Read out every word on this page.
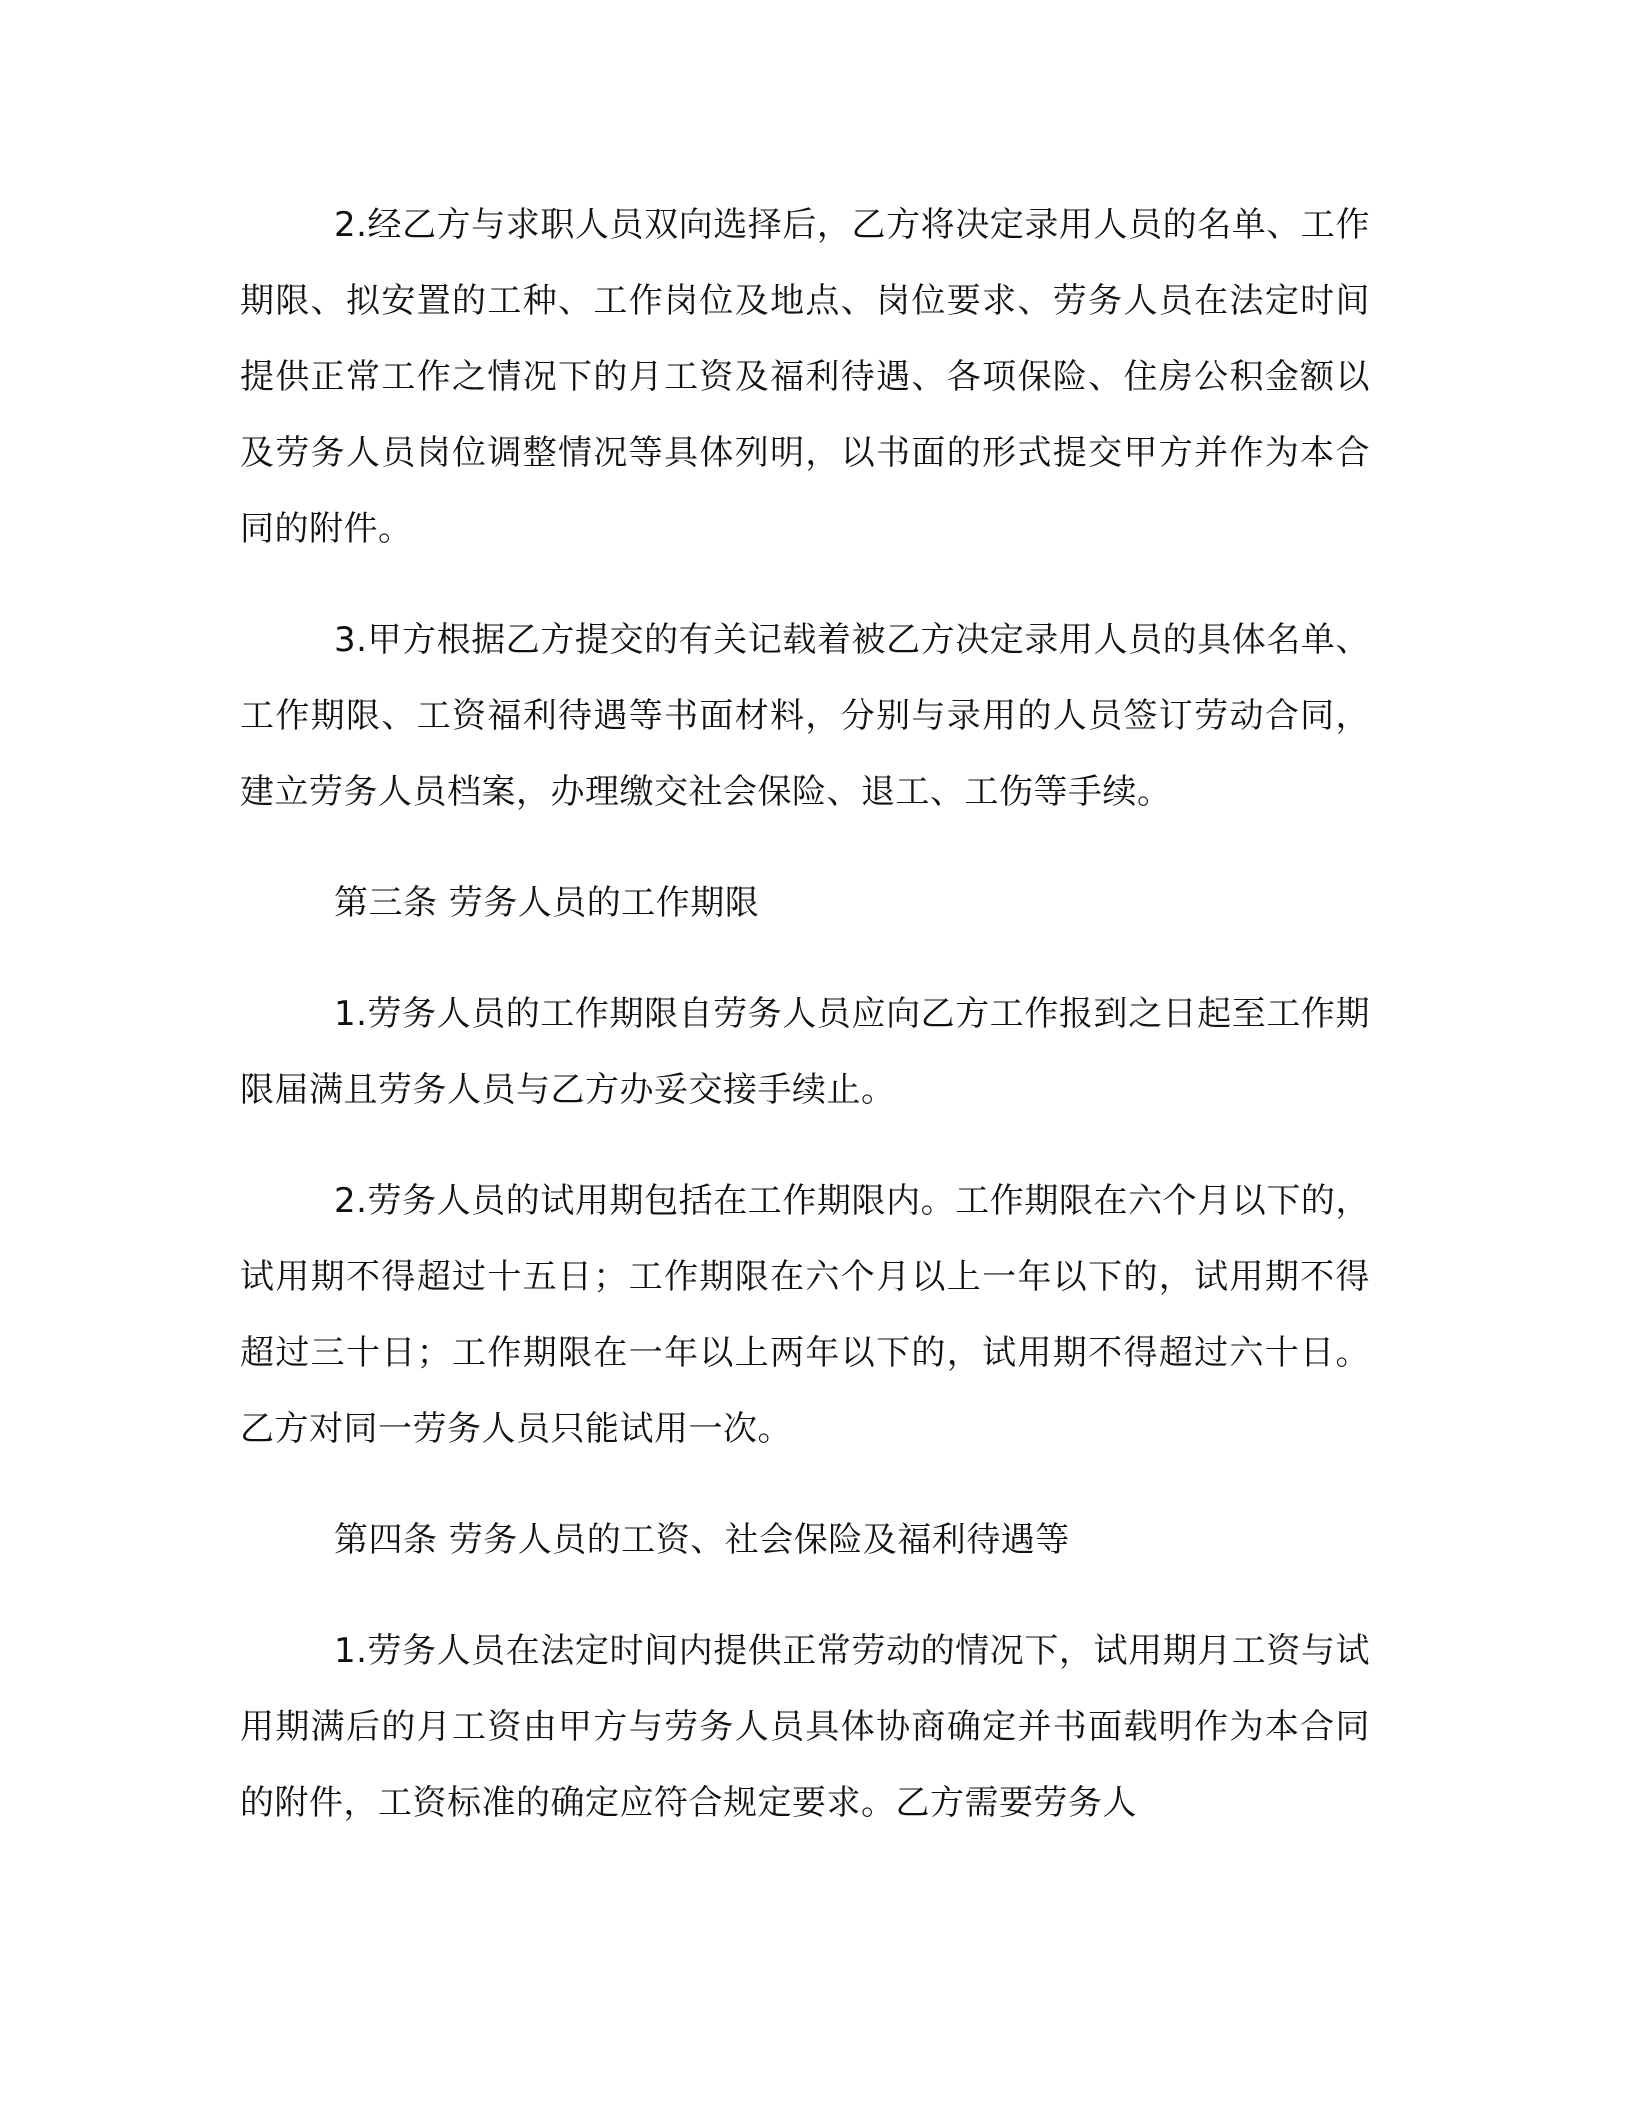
2.经乙方与求职人员双向选择后，乙方将决定录用人员的名单、工作期限、拟安置的工种、工作岗位及地点、岗位要求、劳务人员在法定时间提供正常工作之情况下的月工资及福利待遇、各项保险、住房公积金额以及劳务人员岗位调整情况等具体列明，以书面的形式提交甲方并作为本合同的附件。

3.甲方根据乙方提交的有关记载着被乙方决定录用人员的具体名单、工作期限、工资福利待遇等书面材料，分别与录用的人员签订劳动合同，建立劳务人员档案，办理缴交社会保险、退工、工伤等手续。

第三条 劳务人员的工作期限

1.劳务人员的工作期限自劳务人员应向乙方工作报到之日起至工作期限届满且劳务人员与乙方办妥交接手续止。

2.劳务人员的试用期包括在工作期限内。工作期限在六个月以下的，试用期不得超过十五日；工作期限在六个月以上一年以下的，试用期不得超过三十日；工作期限在一年以上两年以下的，试用期不得超过六十日。乙方对同一劳务人员只能试用一次。

第四条 劳务人员的工资、社会保险及福利待遇等

1.劳务人员在法定时间内提供正常劳动的情况下，试用期月工资与试用期满后的月工资由甲方与劳务人员具体协商确定并书面载明作为本合同的附件，工资标准的确定应符合规定要求。乙方需要劳务人
